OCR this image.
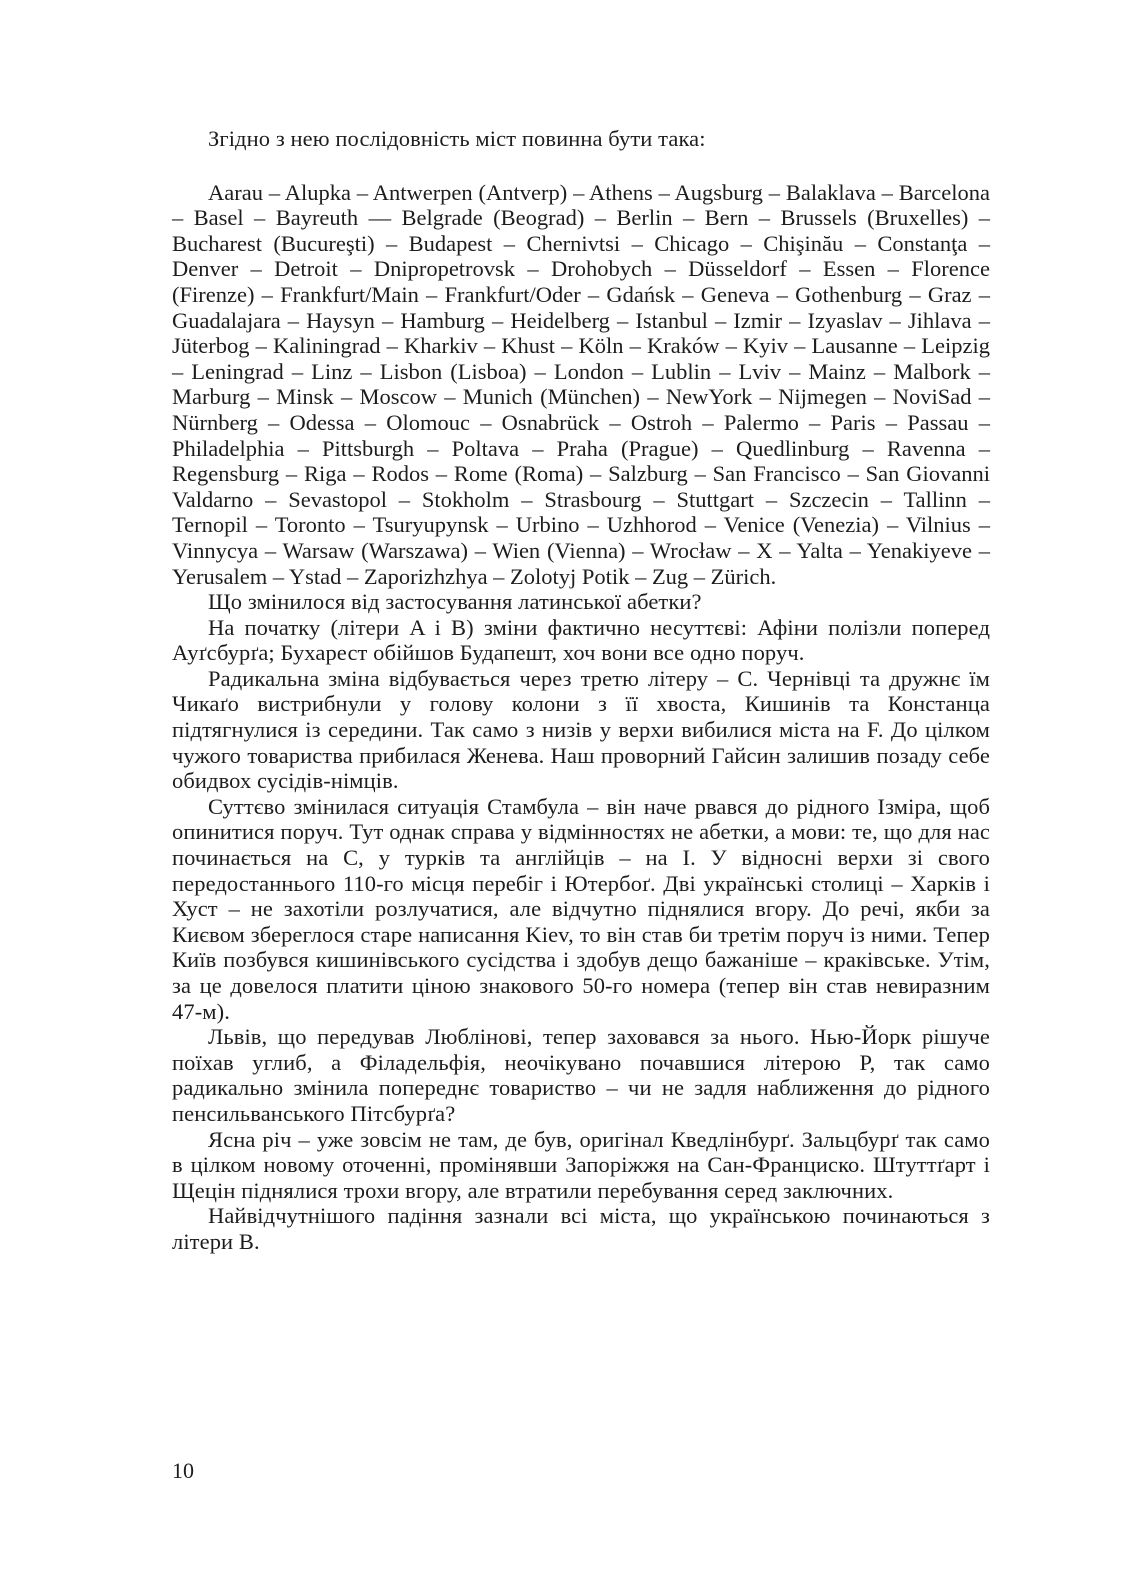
Згідно з нею послідовність міст повинна бути така:

Aarau – Alupka – Antwerpen (Antverp) – Athens – Augsburg – Balaklava – Barcelona – Basel – Bayreuth –– Belgrade (Beograd) – Berlin – Bern – Brussels (Bruxelles) – Bucharest (Bucureşti) – Budapest – Chernivtsi – Chicago – Chişinău – Constanţa – Denver – Detroit – Dnipropetrovsk – Drohobych – Düsseldorf – Essen – Florence (Firenze) – Frankfurt/Main – Frankfurt/Oder – Gdańsk – Geneva – Gothenburg – Graz – Guadalajara – Haysyn – Hamburg – Heidelberg – Istanbul – Izmir – Izyaslav – Jihlava – Jüterbog – Kaliningrad – Kharkiv – Khust – Köln – Kraków – Kyiv – Lausanne – Leipzig – Leningrad – Linz – Lisbon (Lisboa) – London – Lublin – Lviv – Mainz – Malbork – Marburg – Minsk – Moscow – Munich (München) – NewYork – Nijmegen – NoviSad – Nürnberg – Odessa – Olomouc – Osnabrück – Ostroh – Palermo – Paris – Passau – Philadelphia – Pittsburgh – Poltava – Praha (Prague) – Quedlinburg – Ravenna – Regensburg – Riga – Rodos – Rome (Roma) – Salzburg – San Francisco – San Giovanni Valdarno – Sevastopol – Stokholm – Strasbourg – Stuttgart – Szczecin – Tallinn – Ternopil – Toronto – Tsuryupynsk – Urbino – Uzhhorod – Venice (Venezia) – Vilnius – Vinnycya – Warsaw (Warszawa) – Wien (Vienna) – Wrocław – X – Yalta – Yenakiyeve – Yerusalem – Ystad – Zaporizhzhya – Zolotyj Potik – Zug – Zürich.

Що змінилося від застосування латинської абетки?

На початку (літери A і B) зміни фактично несуттєві: Афіни полізли поперед Ауґсбурґа; Бухарест обійшов Будапешт, хоч вони все одно поруч.

Радикальна зміна відбувається через третю літеру – C. Чернівці та дружнє їм Чикаґо вистрибнули у голову колони з її хвоста, Кишинів та Констанца підтягнулися із середини. Так само з низів у верхи вибилися міста на F. До цілком чужого товариства прибилася Женева. Наш проворний Гайсин залишив позаду себе обидвох сусідів-німців.

Суттєво змінилася ситуація Стамбула – він наче рвався до рідного Ізміра, щоб опинитися поруч. Тут однак справа у відмінностях не абетки, а мови: те, що для нас починається на С, у турків та англійців – на I. У відносні верхи зі свого передостаннього 110-го місця перебіг і Ютербоґ. Дві українські столиці – Харків і Хуст – не захотіли розлучатися, але відчутно піднялися вгору. До речі, якби за Києвом збереглося старе написання Kiev, то він став би третім поруч із ними. Тепер Київ позбувся кишинівського сусідства і здобув дещо бажаніше – краківське. Утім, за це довелося платити ціною знакового 50-го номера (тепер він став невиразним 47-м).

Львів, що передував Люблінові, тепер заховався за нього. Нью-Йорк рішуче поїхав углиб, а Філадельфія, неочікувано почавшися літерою P, так само радикально змінила попереднє товариство – чи не задля наближення до рідного пенсильванського Пітсбурґа?

Ясна річ – уже зовсім не там, де був, оригінал Кведлінбурґ. Зальцбурґ так само в цілком новому оточенні, промінявши Запоріжжя на Сан-Франциско. Штуттґарт і Щецін піднялися трохи вгору, але втратили перебування серед заключних.

Найвідчутнішого падіння зазнали всі міста, що українською починаються з літери B.

10
